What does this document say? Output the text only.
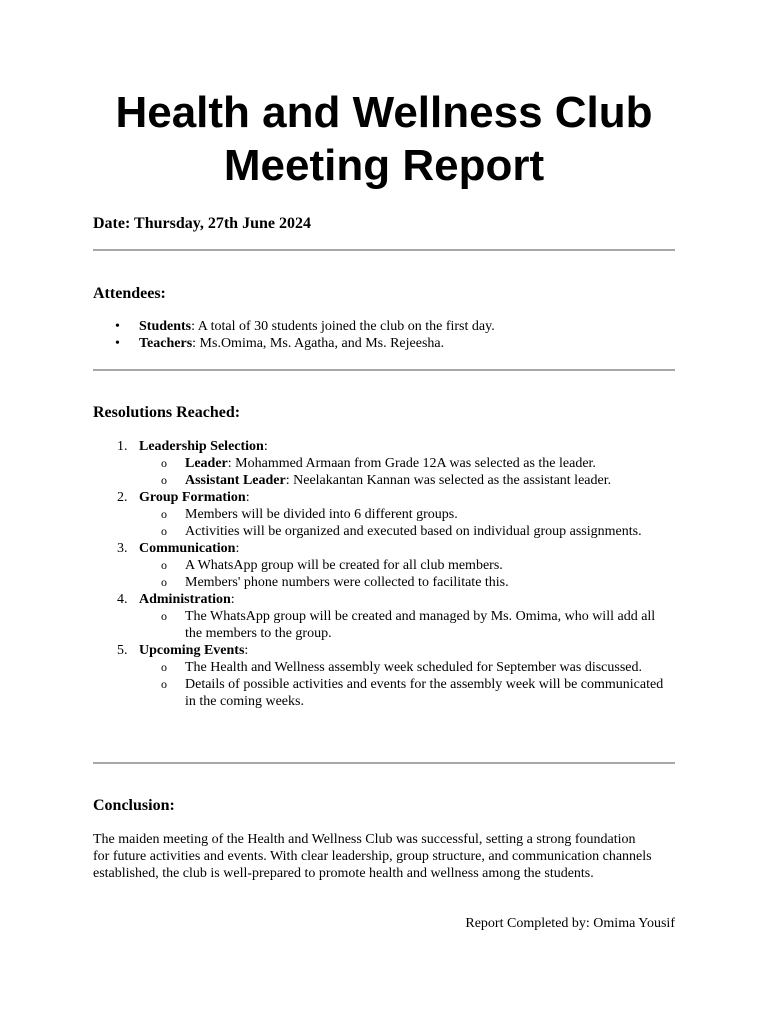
Health and Wellness Club
Meeting Report

Date: Thursday, 27th June 2024

Attendees:
• Students: A total of 30 students joined the club on the first day.
• Teachers: Ms.Omima, Ms. Agatha, and Ms. Rejeesha.
Resolutions Reached:
1. Leadership Selection:
o Leader: Mohammed Armaan from Grade 12A was selected as the leader.
o Assistant Leader: Neelakantan Kannan was selected as the assistant leader.
2. Group Formation:
o Members will be divided into 6 different groups.
o Activities will be organized and executed based on individual group assignments.
3. Communication:
o A WhatsApp group will be created for all club members.
o Members' phone numbers were collected to facilitate this.
4. Administration:
o The WhatsApp group will be created and managed by Ms. Omima, who will add all the members to the group.
5. Upcoming Events:
o The Health and Wellness assembly week scheduled for September was discussed.
o Details of possible activities and events for the assembly week will be communicated in the coming weeks.
Conclusion:

The maiden meeting of the Health and Wellness Club was successful, setting a strong foundation for future activities and events. With clear leadership, group structure, and communication channels established, the club is well-prepared to promote health and wellness among the students.

Report Completed by: Omima Yousif
